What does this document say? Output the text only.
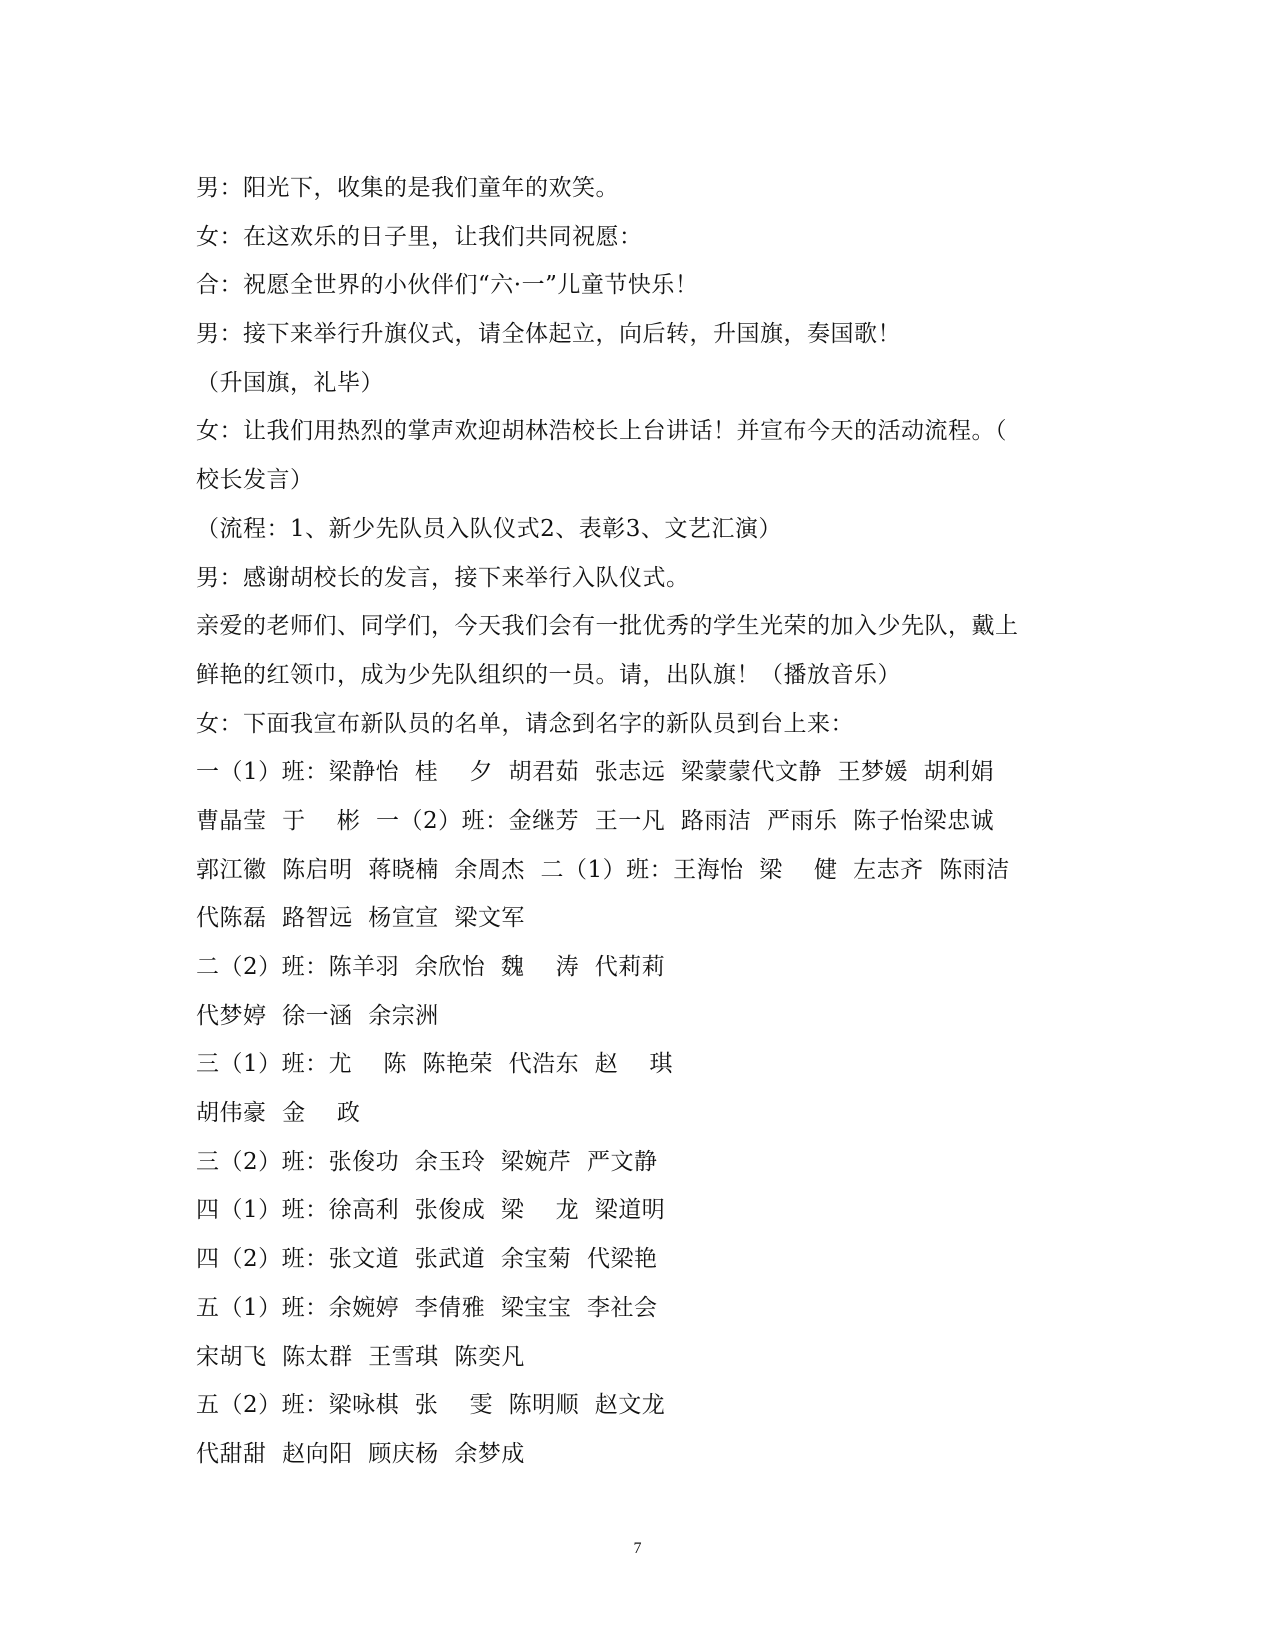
男：阳光下，收集的是我们童年的欢笑。
女：在这欢乐的日子里，让我们共同祝愿：
合：祝愿全世界的小伙伴们“六·一”儿童节快乐！
男：接下来举行升旗仪式，请全体起立，向后转，升国旗，奏国歌！
（升国旗，礼毕）
女：让我们用热烈的掌声欢迎胡林浩校长上台讲话！并宣布今天的活动流程。（
校长发言）
（流程：1、新少先队员入队仪式2、表彰3、文艺汇演）
男：感谢胡校长的发言，接下来举行入队仪式。
亲爱的老师们、同学们，今天我们会有一批优秀的学生光荣的加入少先队，戴上
鲜艳的红领巾，成为少先队组织的一员。请，出队旗！（播放音乐）
女：下面我宣布新队员的名单，请念到名字的新队员到台上来：
一（1）班：梁静怡  桂    夕  胡君茹  张志远  梁蒙蒙代文静  王梦媛  胡利娟
曹晶莹  于    彬  一（2）班：金继芳  王一凡  路雨洁  严雨乐  陈子怡梁忠诚
郭江徽  陈启明  蒋晓楠  余周杰  二（1）班：王海怡  梁    健  左志齐  陈雨洁
代陈磊  路智远  杨宣宣  梁文军
二（2）班：陈羊羽  余欣怡  魏    涛  代莉莉
代梦婷  徐一涵  余宗洲
三（1）班：尤    陈  陈艳荣  代浩东  赵    琪
胡伟豪  金    政
三（2）班：张俊功  余玉玲  梁婉芹  严文静
四（1）班：徐高利  张俊成  梁    龙  梁道明
四（2）班：张文道  张武道  余宝菊  代梁艳
五（1）班：余婉婷  李倩雅  梁宝宝  李社会
宋胡飞  陈太群  王雪琪  陈奕凡
五（2）班：梁咏棋  张    雯  陈明顺  赵文龙
代甜甜  赵向阳  顾庆杨  余梦成
7
